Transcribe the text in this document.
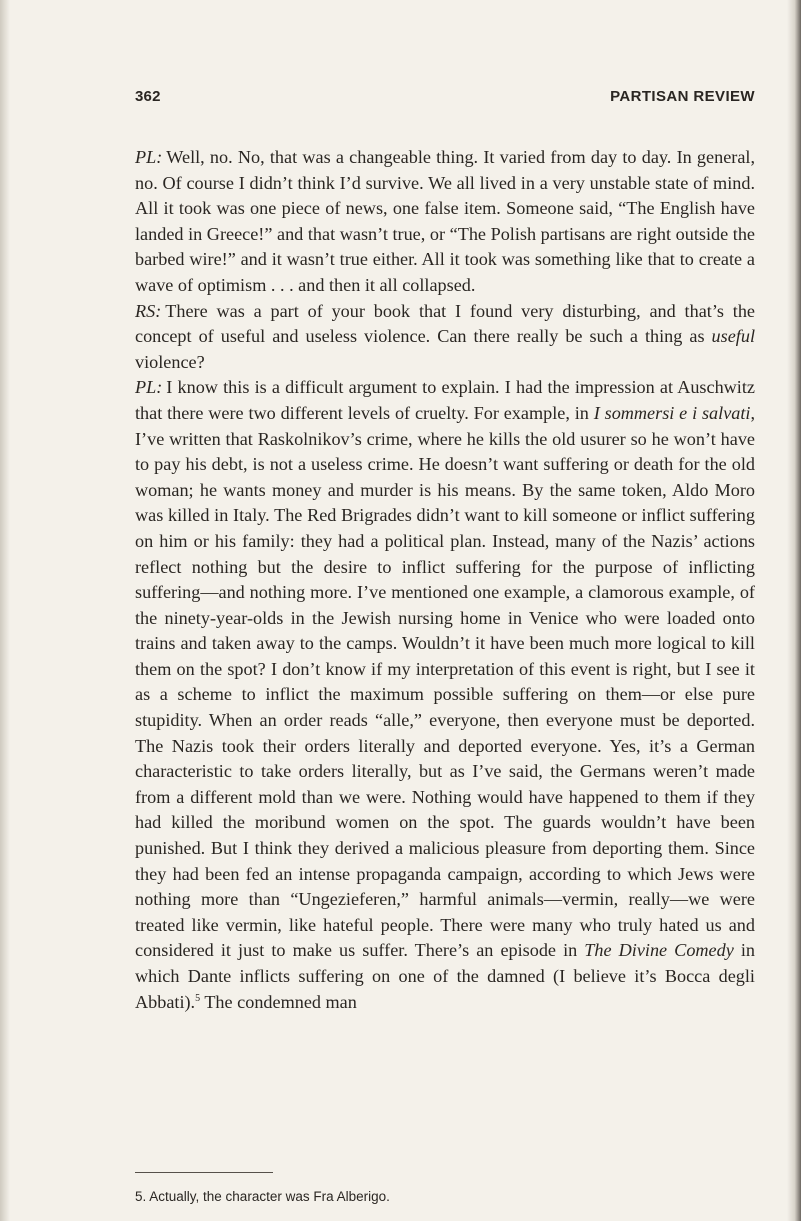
362	PARTISAN REVIEW

PL: Well, no. No, that was a changeable thing. It varied from day to day. In general, no. Of course I didn’t think I’d survive. We all lived in a very unstable state of mind. All it took was one piece of news, one false item. Someone said, “The English have landed in Greece!” and that wasn’t true, or “The Polish partisans are right outside the barbed wire!” and it wasn’t true either. All it took was something like that to create a wave of optimism . . . and then it all collapsed.

RS: There was a part of your book that I found very disturbing, and that’s the concept of useful and useless violence. Can there really be such a thing as useful violence?

PL: I know this is a difficult argument to explain. I had the impression at Auschwitz that there were two different levels of cruelty. For example, in I sommersi e i salvati, I’ve written that Raskolnikov’s crime, where he kills the old usurer so he won’t have to pay his debt, is not a useless crime. He doesn’t want suffering or death for the old woman; he wants money and murder is his means. By the same token, Aldo Moro was killed in Italy. The Red Brigrades didn’t want to kill someone or inflict suffering on him or his family: they had a political plan. Instead, many of the Nazis’ actions reflect nothing but the desire to inflict suffering for the purpose of inflicting suffering—and nothing more. I’ve mentioned one example, a clamorous example, of the ninety-year-olds in the Jewish nursing home in Venice who were loaded onto trains and taken away to the camps. Wouldn’t it have been much more logical to kill them on the spot? I don’t know if my interpretation of this event is right, but I see it as a scheme to inflict the maximum possible suffering on them—or else pure stupidity. When an order reads “alle,” everyone, then everyone must be deported. The Nazis took their orders literally and deported everyone. Yes, it’s a German characteristic to take orders literally, but as I’ve said, the Germans weren’t made from a different mold than we were. Nothing would have happened to them if they had killed the moribund women on the spot. The guards wouldn’t have been punished. But I think they derived a malicious pleasure from deporting them. Since they had been fed an intense propaganda campaign, according to which Jews were nothing more than “Ungezieferen,” harmful animals—vermin, really—we were treated like vermin, like hateful people. There were many who truly hated us and considered it just to make us suffer. There’s an episode in The Divine Comedy in which Dante inflicts suffering on one of the damned (I believe it’s Bocca degli Abbati).$^5$ The condemned man

5. Actually, the character was Fra Alberigo.
